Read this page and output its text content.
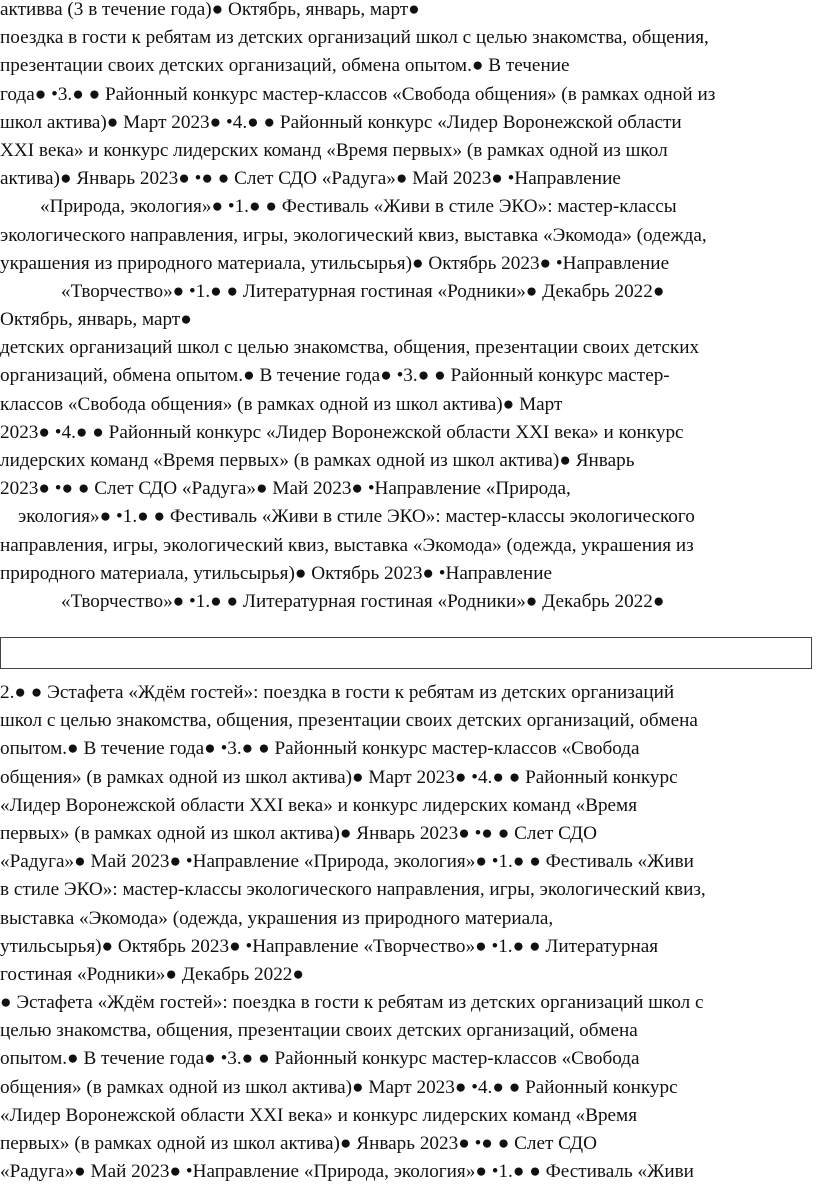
активва (3 в течение года)● Октябрь, январь, март●
поездка в гости к ребятам из детских организаций школ с целью знакомства, общения,
презентации своих детских организаций, обмена опытом.● В течение
года● •3.● ● Районный конкурс мастер-классов «Свобода общения» (в рамках одной из
школ актива)● Март 2023● •4.● ● Районный конкурс «Лидер Воронежской области
XXI века» и конкурс лидерских команд «Время первых» (в рамках одной из школ
актива)● Январь 2023● •● ● Слет СДО «Радуга»● Май 2023● •Направление
«Природа, экология»● •1.● ● Фестиваль «Живи в стиле ЭКО»: мастер-классы
экологического направления, игры, экологический квиз, выставка «Экомода» (одежда,
украшения из природного материала, утильсырья)● Октябрь 2023● •Направление
«Творчество»● •1.● ● Литературная гостиная «Родники»● Декабрь 2022●
Октябрь, январь, март●
детских организаций школ с целью знакомства, общения, презентации своих детских
организаций, обмена опытом.● В течение года● •3.● ● Районный конкурс мастер-
классов «Свобода общения» (в рамках одной из школ актива)● Март
2023● •4.● ● Районный конкурс «Лидер Воронежской области XXI века» и конкурс
лидерских команд «Время первых» (в рамках одной из школ актива)● Январь
2023● •● ● Слет СДО «Радуга»● Май 2023● •Направление «Природа,
экология»● •1.● ● Фестиваль «Живи в стиле ЭКО»: мастер-классы экологического
направления, игры, экологический квиз, выставка «Экомода» (одежда, украшения из
природного материала, утильсырья)● Октябрь 2023● •Направление
«Творчество»● •1.● ● Литературная гостиная «Родники»● Декабрь 2022●
2.● ● Эстафета «Ждём гостей»: поездка в гости к ребятам из детских организаций
школ с целью знакомства, общения, презентации своих детских организаций, обмена
опытом.● В течение года● •3.● ● Районный конкурс мастер-классов «Свобода
общения» (в рамках одной из школ актива)● Март 2023● •4.● ● Районный конкурс
«Лидер Воронежской области XXI века» и конкурс лидерских команд «Время
первых» (в рамках одной из школ актива)● Январь 2023● •● ● Слет СДО
«Радуга»● Май 2023● •Направление «Природа, экология»● •1.● ● Фестиваль «Живи
в стиле ЭКО»: мастер-классы экологического направления, игры, экологический квиз,
выставка «Экомода» (одежда, украшения из природного материала,
утильсырья)● Октябрь 2023● •Направление «Творчество»● •1.● ● Литературная
гостиная «Родники»● Декабрь 2022●
● Эстафета «Ждём гостей»: поездка в гости к ребятам из детских организаций школ с
целью знакомства, общения, презентации своих детских организаций, обмена
опытом.● В течение года● •3.● ● Районный конкурс мастер-классов «Свобода
общения» (в рамках одной из школ актива)● Март 2023● •4.● ● Районный конкурс
«Лидер Воронежской области XXI века» и конкурс лидерских команд «Время
первых» (в рамках одной из школ актива)● Январь 2023● •● ● Слет СДО
«Радуга»● Май 2023● •Направление «Природа, экология»● •1.● ● Фестиваль «Живи
